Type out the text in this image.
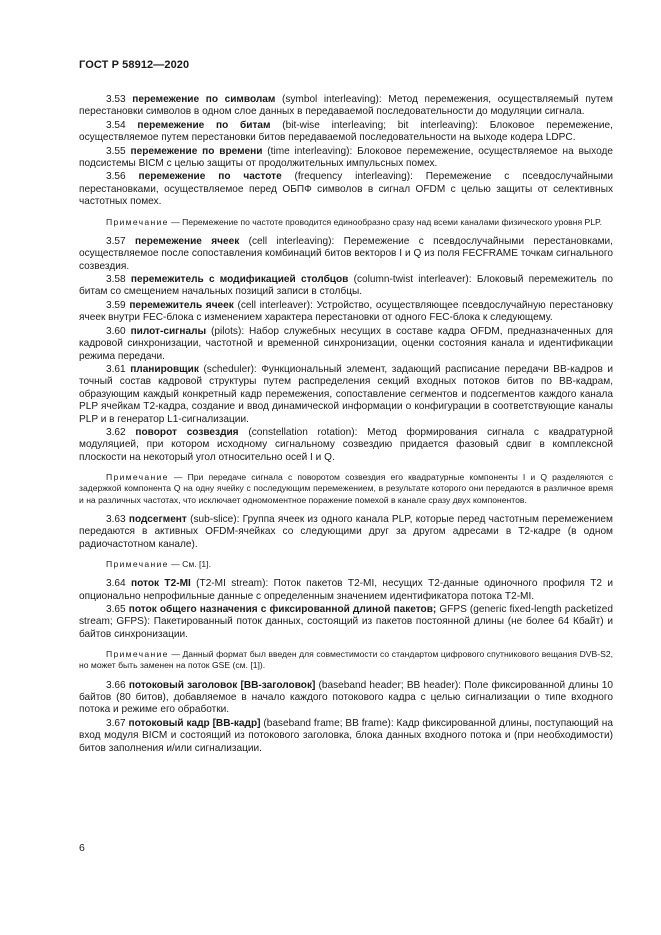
ГОСТ Р 58912—2020

3.53 перемежение по символам (symbol interleaving): Метод перемежения, осуществляемый путем перестановки символов в одном слое данных в передаваемой последовательности до модуляции сигнала.

3.54 перемежение по битам (bit-wise interleaving; bit interleaving): Блоковое перемежение, осуществляемое путем перестановки битов передаваемой последовательности на выходе кодера LDPC.

3.55 перемежение по времени (time interleaving): Блоковое перемежение, осуществляемое на выходе подсистемы BICM с целью защиты от продолжительных импульсных помех.

3.56 перемежение по частоте (frequency interleaving): Перемежение с псевдослучайными перестановками, осуществляемое перед ОБПФ символов в сигнал OFDM с целью защиты от селективных частотных помех.

Примечание — Перемежение по частоте проводится единообразно сразу над всеми каналами физического уровня PLP.

3.57 перемежение ячеек (cell interleaving): Перемежение с псевдослучайными перестановками, осуществляемое после сопоставления комбинаций битов векторов I и Q из поля FECFRAME точкам сигнального созвездия.

3.58 перемежитель с модификацией столбцов (column-twist interleaver): Блоковый перемежитель по битам со смещением начальных позиций записи в столбцы.

3.59 перемежитель ячеек (cell interleaver): Устройство, осуществляющее псевдослучайную перестановку ячеек внутри FEC-блока с изменением характера перестановки от одного FEC-блока к следующему.

3.60 пилот-сигналы (pilots): Набор служебных несущих в составе кадра OFDM, предназначенных для кадровой синхронизации, частотной и временной синхронизации, оценки состояния канала и идентификации режима передачи.

3.61 планировщик (scheduler): Функциональный элемент, задающий расписание передачи BB-кадров и точный состав кадровой структуры путем распределения секций входных потоков битов по BB-кадрам, образующим каждый конкретный кадр перемежения, сопоставление сегментов и подсегментов каждого канала PLP ячейкам T2-кадра, создание и ввод динамической информации о конфигурации в соответствующие каналы PLP и в генератор L1-сигнализации.

3.62 поворот созвездия (constellation rotation): Метод формирования сигнала с квадратурной модуляцией, при котором исходному сигнальному созвездию придается фазовый сдвиг в комплексной плоскости на некоторый угол относительно осей I и Q.

Примечание — При передаче сигнала с поворотом созвездия его квадратурные компоненты I и Q разделяются с задержкой компонента Q на одну ячейку с последующим перемежением, в результате которого они передаются в различное время и на различных частотах, что исключает одномоментное поражение помехой в канале сразу двух компонентов.

3.63 подсегмент (sub-slice): Группа ячеек из одного канала PLP, которые перед частотным перемежением передаются в активных OFDM-ячейках со следующими друг за другом адресами в T2-кадре (в одном радиочастотном канале).

Примечание — См. [1].

3.64 поток T2-MI (T2-MI stream): Поток пакетов T2-MI, несущих T2-данные одиночного профиля T2 и опционально непрофильные данные с определенным значением идентификатора потока T2-MI.

3.65 поток общего назначения с фиксированной длиной пакетов; GFPS (generic fixed-length packetized stream; GFPS): Пакетированный поток данных, состоящий из пакетов постоянной длины (не более 64 Кбайт) и байтов синхронизации.

Примечание — Данный формат был введен для совместимости со стандартом цифрового спутникового вещания DVB-S2, но может быть заменен на поток GSE (см. [1]).

3.66 потоковый заголовок [BB-заголовок] (baseband header; BB header): Поле фиксированной длины 10 байтов (80 битов), добавляемое в начало каждого потокового кадра с целью сигнализации о типе входного потока и режиме его обработки.

3.67 потоковый кадр [BB-кадр] (baseband frame; BB frame): Кадр фиксированной длины, поступающий на вход модуля BICM и состоящий из потокового заголовка, блока данных входного потока и (при необходимости) битов заполнения и/или сигнализации.

6
